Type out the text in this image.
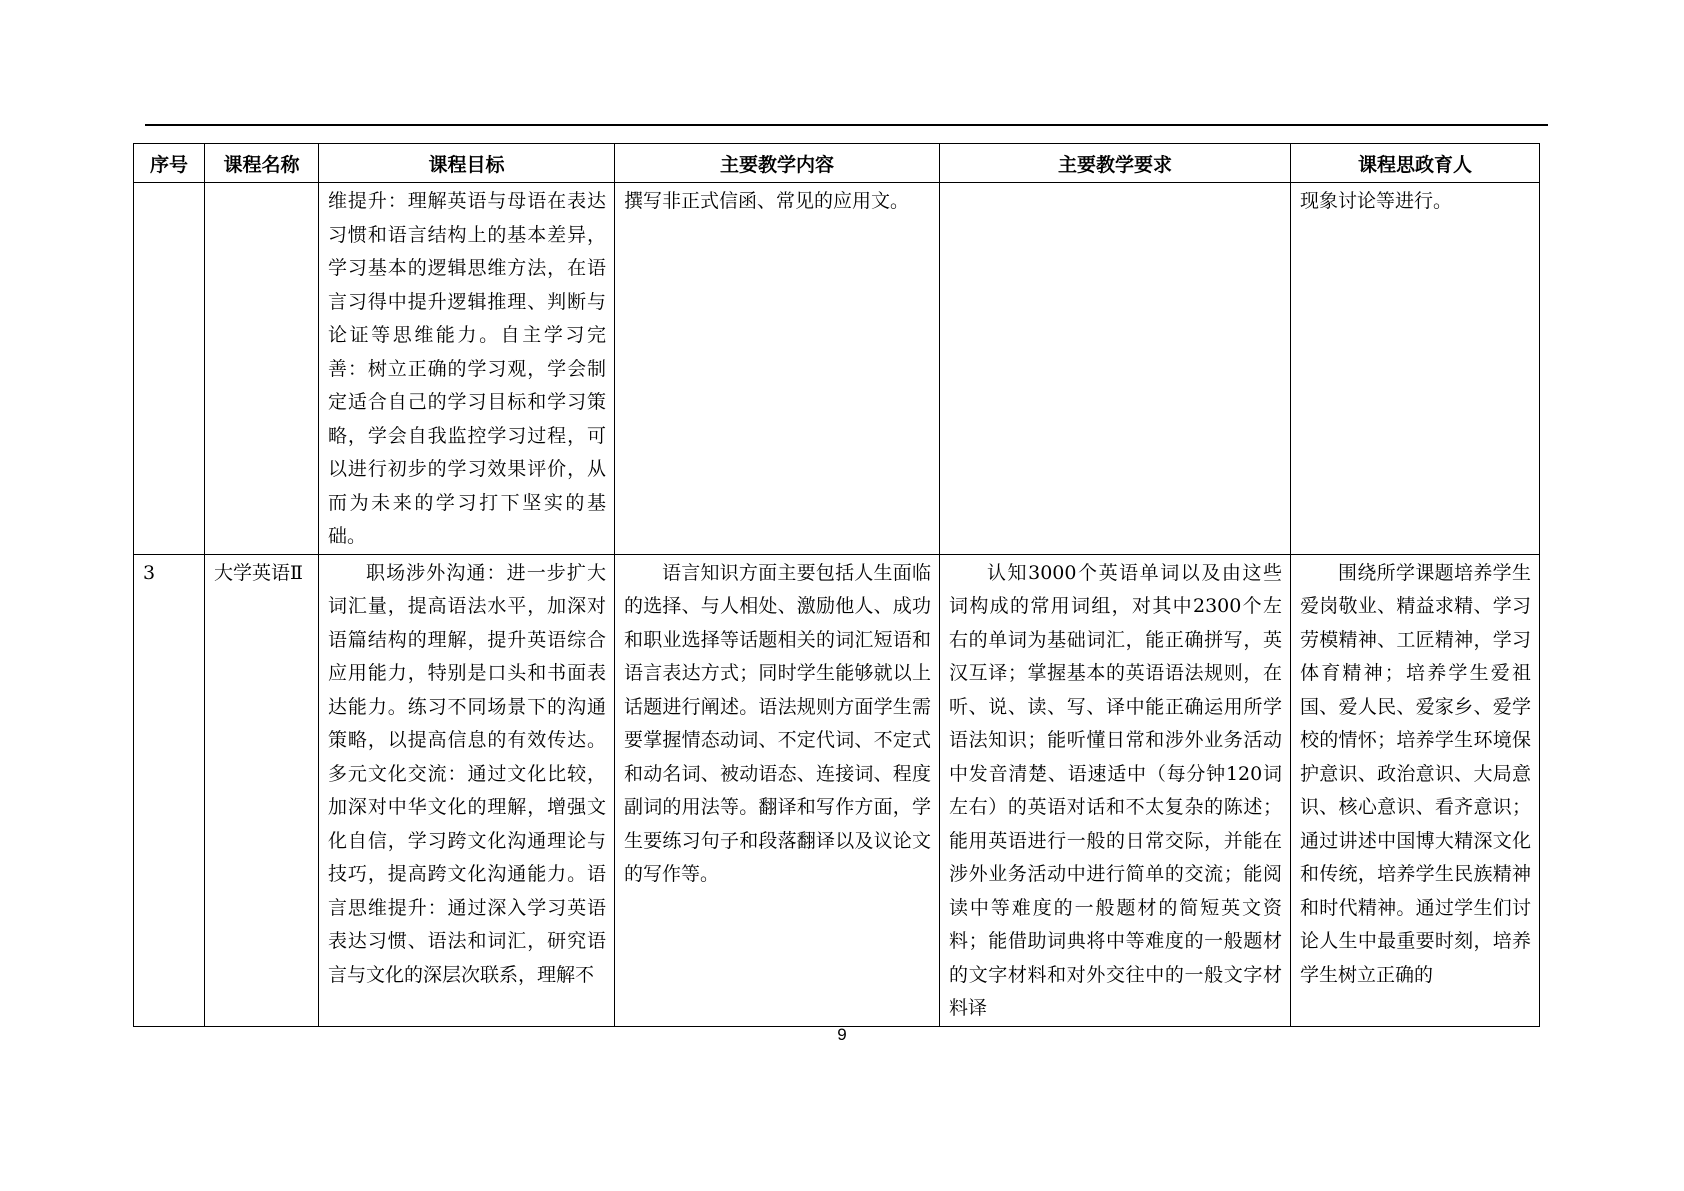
序号	课程名称	课程目标	主要教学内容	主要教学要求	课程思政育人

		维提升：理解英语与母语在表达习惯和语言结构上的基本差异，学习基本的逻辑思维方法，在语言习得中提升逻辑推理、判断与论证等思维能力。自主学习完善：树立正确的学习观，学会制定适合自己的学习目标和学习策略，学会自我监控学习过程，可以进行初步的学习效果评价，从而为未来的学习打下坚实的基础。	撰写非正式信函、常见的应用文。		现象讨论等进行。

3	大学英语Ⅱ	职场涉外沟通：进一步扩大词汇量，提高语法水平，加深对语篇结构的理解，提升英语综合应用能力，特别是口头和书面表达能力。练习不同场景下的沟通策略，以提高信息的有效传达。多元文化交流：通过文化比较，加深对中华文化的理解，增强文化自信，学习跨文化沟通理论与技巧，提高跨文化沟通能力。语言思维提升：通过深入学习英语表达习惯、语法和词汇，研究语言与文化的深层次联系，理解不	语言知识方面主要包括人生面临的选择、与人相处、激励他人、成功和职业选择等话题相关的词汇短语和语言表达方式；同时学生能够就以上话题进行阐述。语法规则方面学生需要掌握情态动词、不定代词、不定式和动名词、被动语态、连接词、程度副词的用法等。翻译和写作方面，学生要练习句子和段落翻译以及议论文的写作等。	认知3000个英语单词以及由这些词构成的常用词组，对其中2300个左右的单词为基础词汇，能正确拼写，英汉互译；掌握基本的英语语法规则，在听、说、读、写、译中能正确运用所学语法知识；能听懂日常和涉外业务活动中发音清楚、语速适中（每分钟120词左右）的英语对话和不太复杂的陈述；能用英语进行一般的日常交际，并能在涉外业务活动中进行简单的交流；能阅读中等难度的一般题材的简短英文资料；能借助词典将中等难度的一般题材的文字材料和对外交往中的一般文字材料译	围绕所学课题培养学生爱岗敬业、精益求精、学习劳模精神、工匠精神，学习体育精神；培养学生爱祖国、爱人民、爱家乡、爱学校的情怀；培养学生环境保护意识、政治意识、大局意识、核心意识、看齐意识；通过讲述中国博大精深文化和传统，培养学生民族精神和时代精神。通过学生们讨论人生中最重要时刻，培养学生树立正确的

9
